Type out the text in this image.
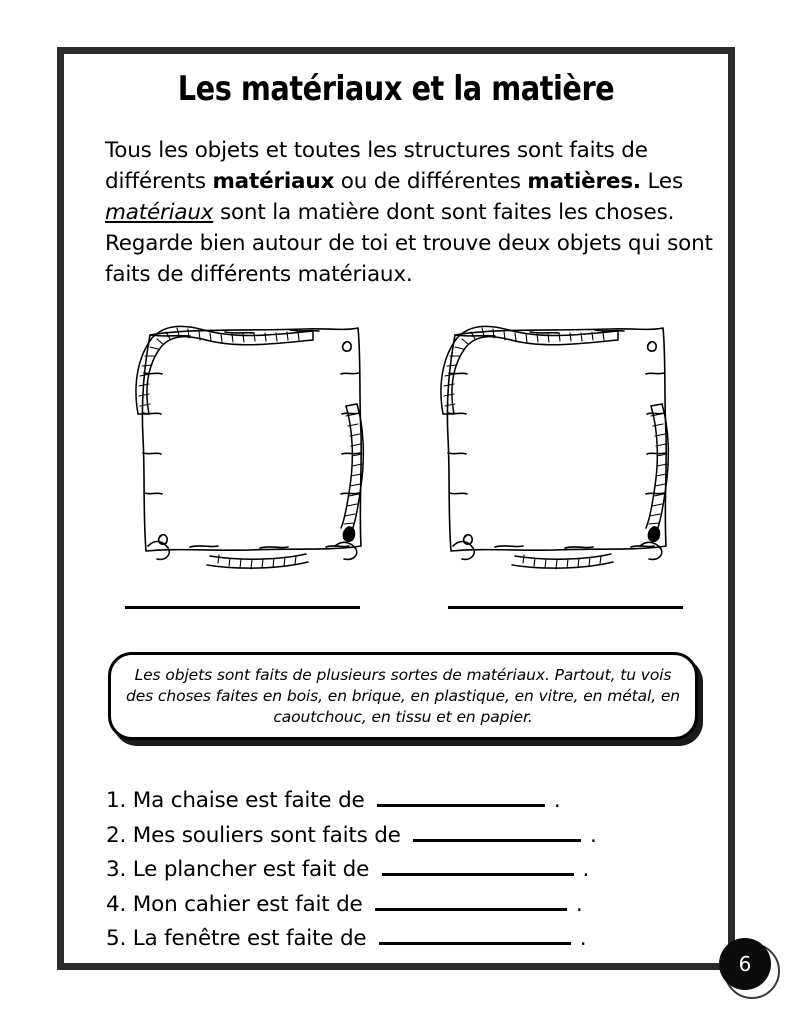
Les matériaux et la matière
Tous les objets et toutes les structures sont faits de différents matériaux ou de différentes matières. Les matériaux sont la matière dont sont faites les choses. Regarde bien autour de toi et trouve deux objets qui sont faits de différents matériaux.
Les objets sont faits de plusieurs sortes de matériaux. Partout, tu vois des choses faites en bois, en brique, en plastique, en vitre, en métal, en caoutchouc, en tissu et en papier.
1. Ma chaise est faite de	.
2. Mes souliers sont faits de	.
3. Le plancher est fait de	.
4. Mon cahier est fait de	.
5. La fenêtre est faite de	.
6
